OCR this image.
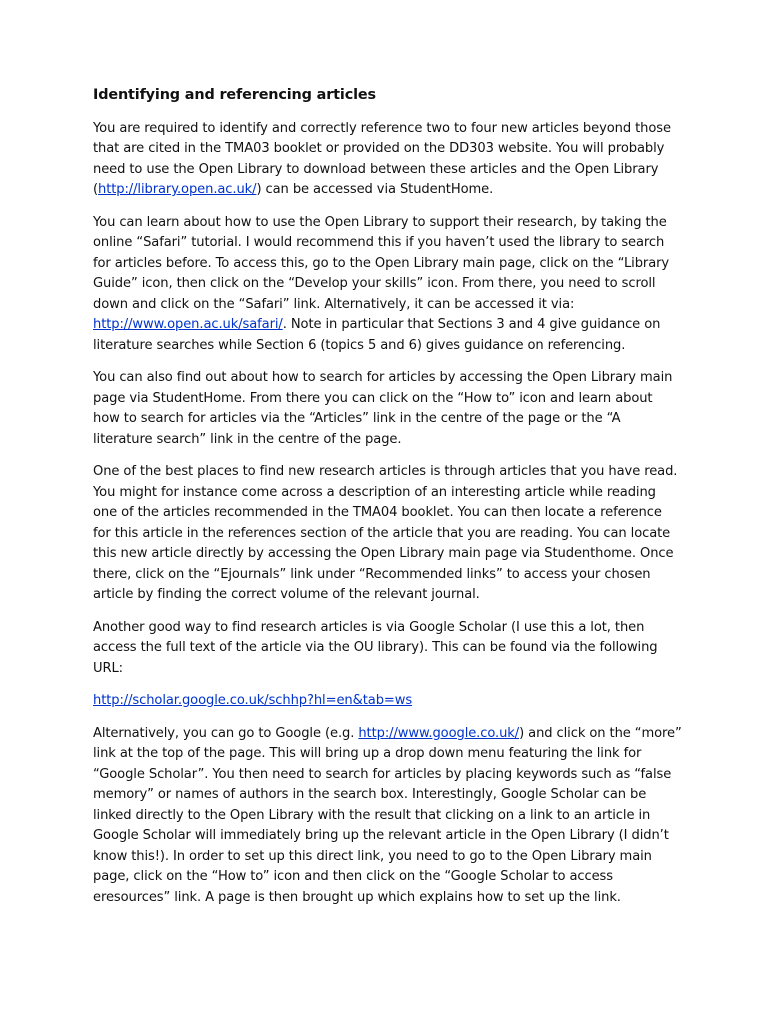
Identifying and referencing articles

You are required to identify and correctly reference two to four new articles beyond those that are cited in the TMA03 booklet or provided on the DD303 website. You will probably need to use the Open Library to download between these articles and the Open Library (http://library.open.ac.uk/) can be accessed via StudentHome.

You can learn about how to use the Open Library to support their research, by taking the online “Safari” tutorial. I would recommend this if you haven’t used the library to search for articles before. To access this, go to the Open Library main page, click on the “Library Guide” icon, then click on the “Develop your skills” icon. From there, you need to scroll down and click on the “Safari” link. Alternatively, it can be accessed it via: http://www.open.ac.uk/safari/. Note in particular that Sections 3 and 4 give guidance on literature searches while Section 6 (topics 5 and 6) gives guidance on referencing.

You can also find out about how to search for articles by accessing the Open Library main page via StudentHome. From there you can click on the “How to” icon and learn about how to search for articles via the “Articles” link in the centre of the page or the “A literature search” link in the centre of the page.

One of the best places to find new research articles is through articles that you have read. You might for instance come across a description of an interesting article while reading one of the articles recommended in the TMA04 booklet. You can then locate a reference for this article in the references section of the article that you are reading. You can locate this new article directly by accessing the Open Library main page via Studenthome. Once there, click on the “Ejournals” link under “Recommended links” to access your chosen article by finding the correct volume of the relevant journal.

Another good way to find research articles is via Google Scholar (I use this a lot, then access the full text of the article via the OU library). This can be found via the following URL:

http://scholar.google.co.uk/schhp?hl=en&tab=ws

Alternatively, you can go to Google (e.g. http://www.google.co.uk/) and click on the “more” link at the top of the page. This will bring up a drop down menu featuring the link for “Google Scholar”. You then need to search for articles by placing keywords such as “false memory” or names of authors in the search box. Interestingly, Google Scholar can be linked directly to the Open Library with the result that clicking on a link to an article in Google Scholar will immediately bring up the relevant article in the Open Library (I didn’t know this!). In order to set up this direct link, you need to go to the Open Library main page, click on the “How to” icon and then click on the “Google Scholar to access eresources” link. A page is then brought up which explains how to set up the link.
